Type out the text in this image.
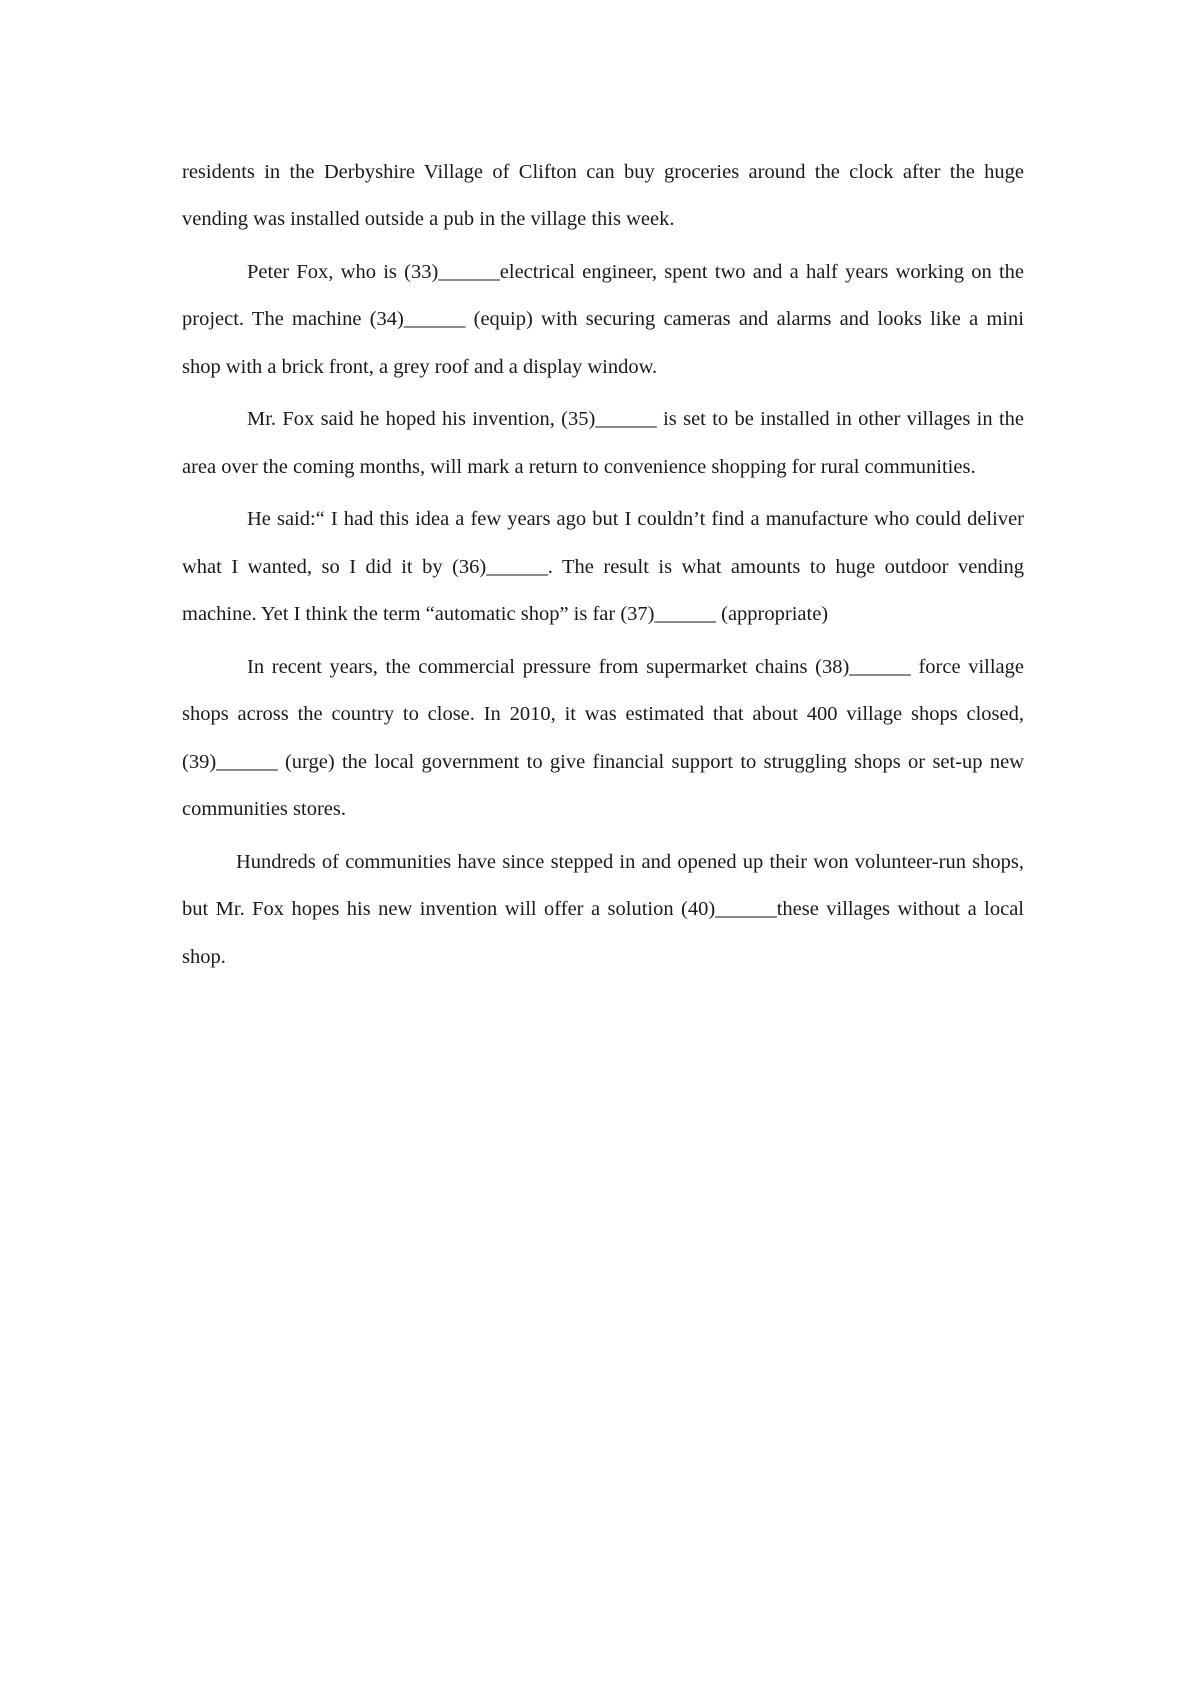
residents in the Derbyshire Village of Clifton can buy groceries around the clock after the huge vending was installed outside a pub in the village this week.

Peter Fox, who is (33)______electrical engineer, spent two and a half years working on the project. The machine (34)______ (equip) with securing cameras and alarms and looks like a mini shop with a brick front, a grey roof and a display window.

Mr. Fox said he hoped his invention, (35)______ is set to be installed in other villages in the area over the coming months, will mark a return to convenience shopping for rural communities.

He said:“ I had this idea a few years ago but I couldn’t find a manufacture who could deliver what I wanted, so I did it by (36)______. The result is what amounts to huge outdoor vending machine. Yet I think the term “automatic shop” is far (37)______ (appropriate)

In recent years, the commercial pressure from supermarket chains (38)______ force village shops across the country to close. In 2010, it was estimated that about 400 village shops closed, (39)______ (urge) the local government to give financial support to struggling shops or set-up new communities stores.

Hundreds of communities have since stepped in and opened up their won volunteer-run shops, but Mr. Fox hopes his new invention will offer a solution (40)______these villages without a local shop.
